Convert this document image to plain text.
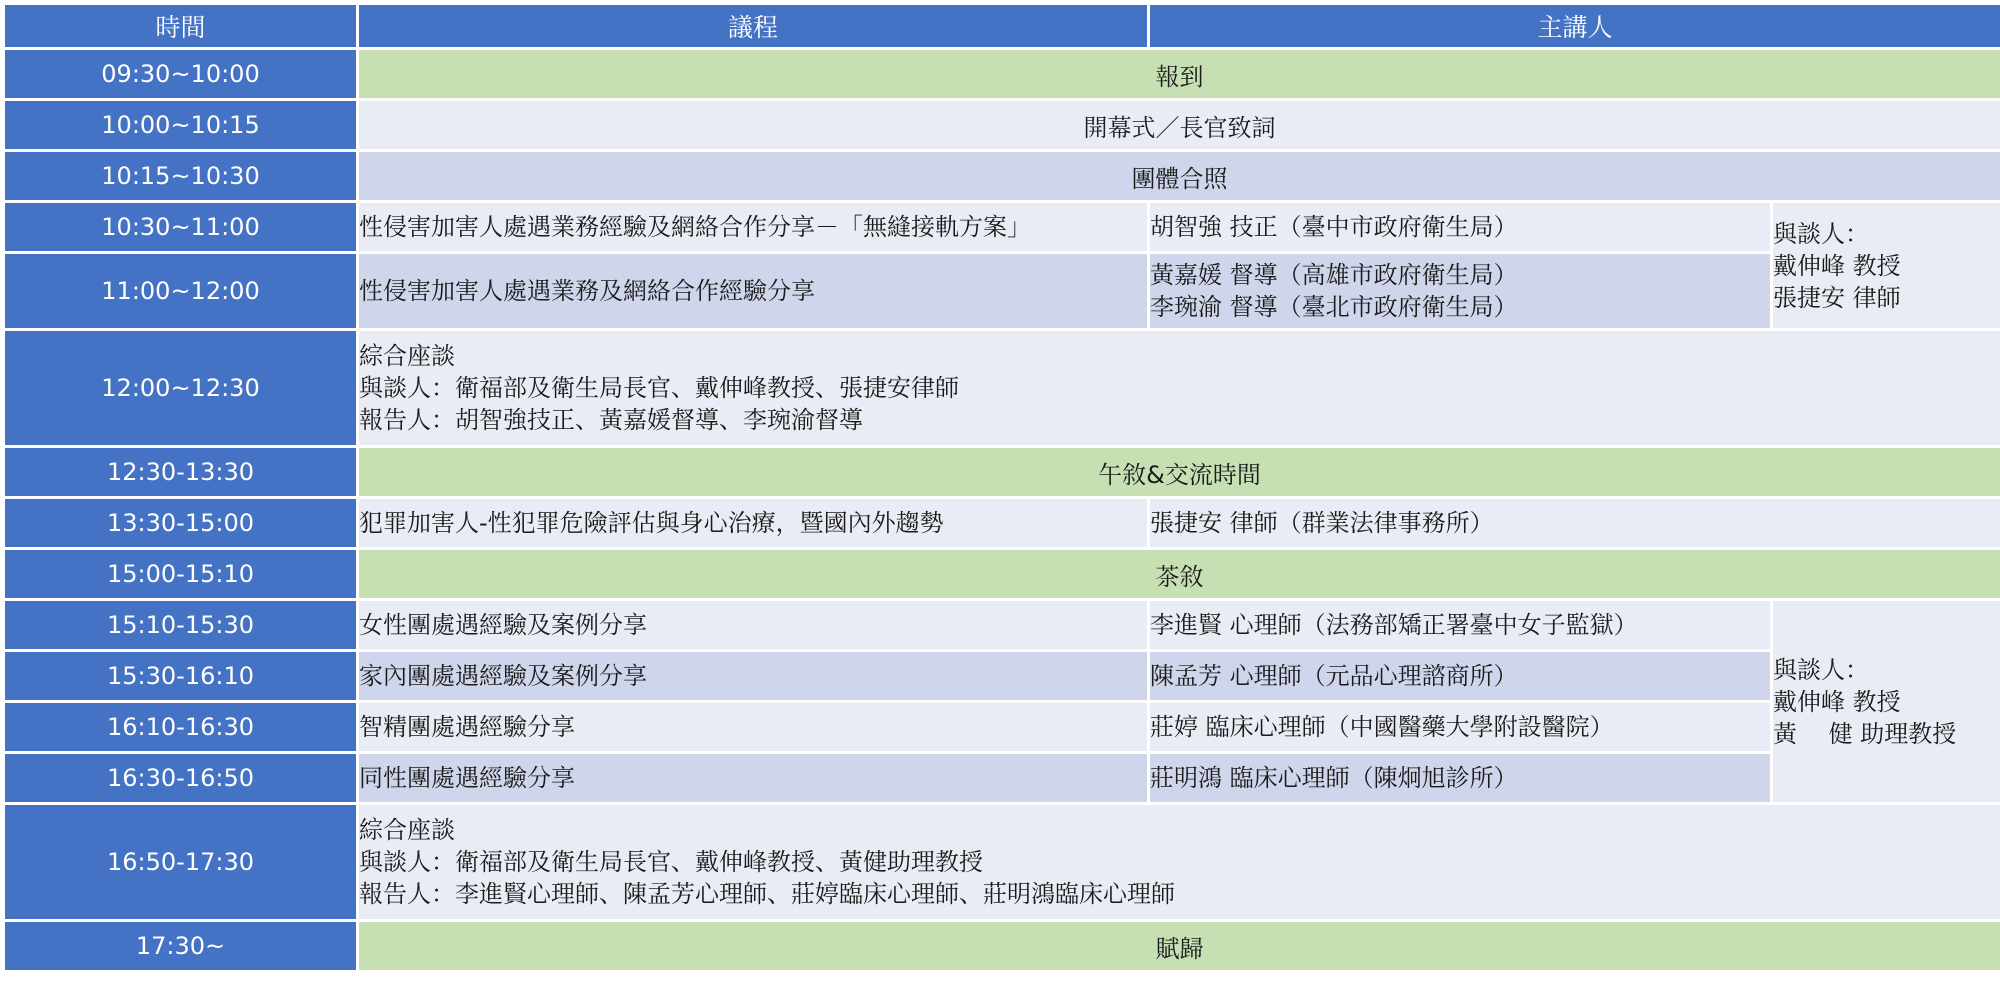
時間	議程	主講人	
09:30~10:00	報到		
10:00~10:15	開幕式／長官致詞		
10:15~10:30	團體合照		
10:30~11:00	性侵害加害人處遇業務經驗及網絡合作分享－「無縫接軌方案」	胡智強 技正（臺中市政府衛生局）	與談人：
戴伸峰 教授
張捷安 律師

11:00~12:00	性侵害加害人處遇業務及網絡合作經驗分享	黃嘉媛 督導（高雄市政府衛生局）
李琬渝 督導（臺北市政府衛生局）	

12:00~12:30	綜合座談
與談人：衛福部及衛生局長官、戴伸峰教授、張捷安律師
報告人：胡智強技正、黃嘉媛督導、李琬渝督導		

12:30-13:30	午敘&交流時間		
13:30-15:00	犯罪加害人-性犯罪危險評估與身心治療，暨國內外趨勢	張捷安 律師（群業法律事務所）	
15:00-15:10	茶敘		
15:10-15:30	女性團處遇經驗及案例分享	李進賢 心理師（法務部矯正署臺中女子監獄）	與談人：
戴伸峰 教授
黃　 健 助理教授

15:30-16:10	家內團處遇經驗及案例分享	陳孟芳 心理師（元品心理諮商所）	
16:10-16:30	智精團處遇經驗分享	莊婷 臨床心理師（中國醫藥大學附設醫院）	
16:30-16:50	同性團處遇經驗分享	莊明鴻 臨床心理師（陳炯旭診所）	
16:50-17:30	綜合座談
與談人：衛福部及衛生局長官、戴伸峰教授、黃健助理教授
報告人：李進賢心理師、陳孟芳心理師、莊婷臨床心理師、莊明鴻臨床心理師		

17:30~	賦歸		
